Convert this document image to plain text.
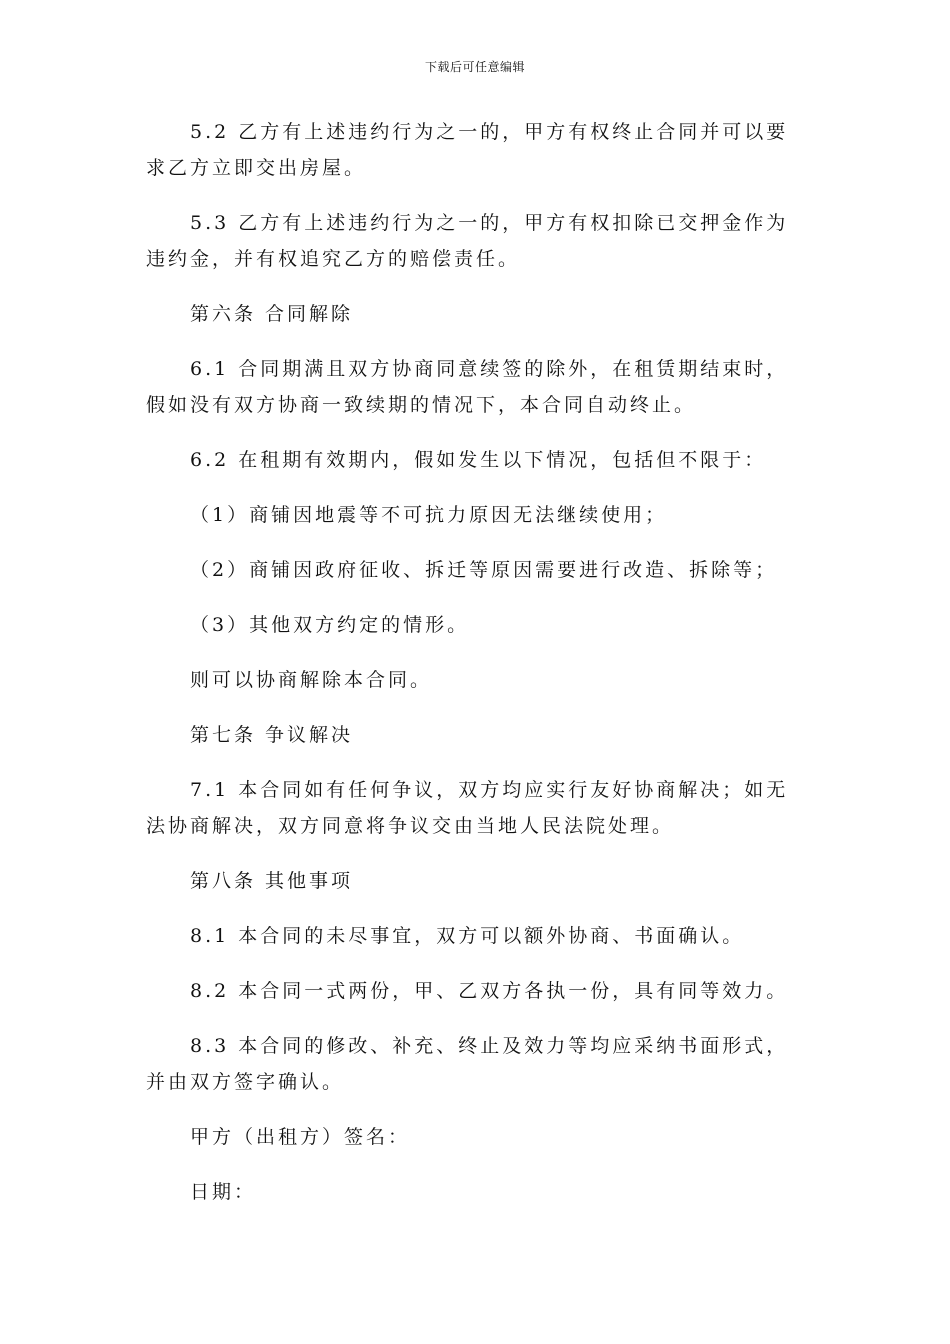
下载后可任意编辑
5.2 乙方有上述违约行为之一的，甲方有权终止合同并可以要
求乙方立即交出房屋。
5.3 乙方有上述违约行为之一的，甲方有权扣除已交押金作为
违约金，并有权追究乙方的赔偿责任。
第六条 合同解除
6.1 合同期满且双方协商同意续签的除外，在租赁期结束时，
假如没有双方协商一致续期的情况下，本合同自动终止。
6.2 在租期有效期内，假如发生以下情况，包括但不限于：
（1）商铺因地震等不可抗力原因无法继续使用；
（2）商铺因政府征收、拆迁等原因需要进行改造、拆除等；
（3）其他双方约定的情形。
则可以协商解除本合同。
第七条 争议解决
7.1 本合同如有任何争议，双方均应实行友好协商解决；如无
法协商解决，双方同意将争议交由当地人民法院处理。
第八条 其他事项
8.1 本合同的未尽事宜，双方可以额外协商、书面确认。
8.2 本合同一式两份，甲、乙双方各执一份，具有同等效力。
8.3 本合同的修改、补充、终止及效力等均应采纳书面形式，
并由双方签字确认。
甲方（出租方）签名：
日期：
